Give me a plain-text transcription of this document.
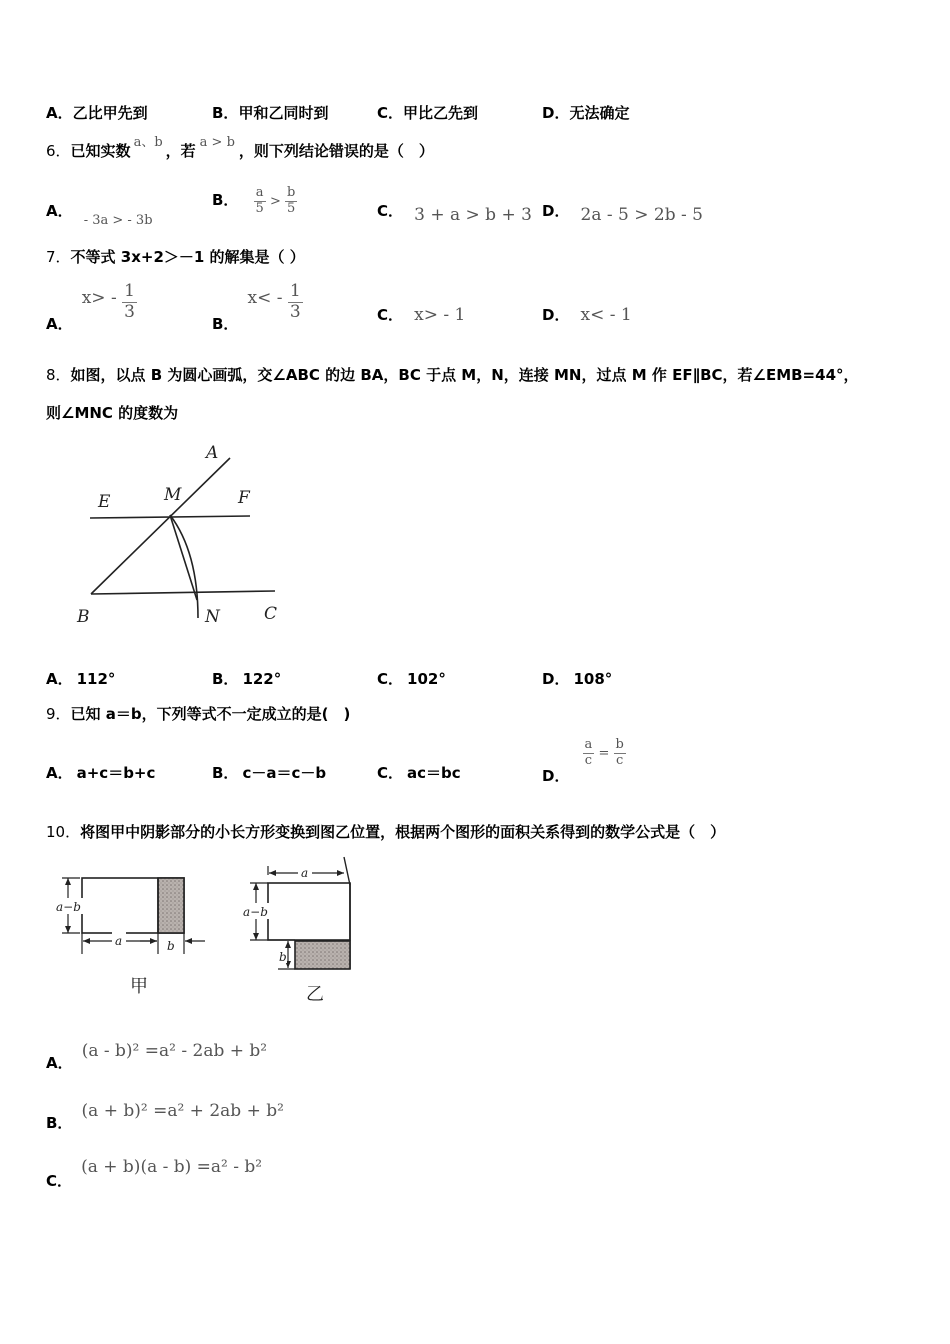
A．乙比甲先到	B．甲和乙同时到	C．甲比乙先到	D．无法确定
6．已知实数 a、b ，若 a > b ，则下列结论错误的是（　）
A． $_{- 3a > - 3b}$
B． $\frac{a}{5} > \frac{b}{5}$	C． 3 + a > b + 3 D． 2a - 5 > 2b - 5
7．不等式 3x+2＞－1 的解集是（ ）
A． $x> - \frac{1}{3}$
B． $x< - \frac{1}{3}$	C． x> - 1	D． x< - 1
8．如图，以点 B 为圆心画弧，交∠ABC 的边 BA，BC 于点 M，N，连接 MN，过点 M 作 EF∥BC，若∠EMB=44°，
则∠MNC 的度数为
A
E	M	F
B	N	C
A． 112°	B． 122°	C． 102°	D． 108°
9．已知 a＝b，下列等式不一定成立的是(　)
A． a+c＝b+c	B． c－a＝c－b	C． ac＝bc	D．
$\frac{a}{c} = \frac{b}{c}$
10．将图甲中阴影部分的小长方形变换到图乙位置，根据两个图形的面积关系得到的数学公式是（　）
a−b
a	b
甲
a
a−b
b
乙
A． (a - b)² =a² - 2ab + b²
B． (a + b)² =a² + 2ab + b²
C． (a + b)(a - b) =a² - b²
